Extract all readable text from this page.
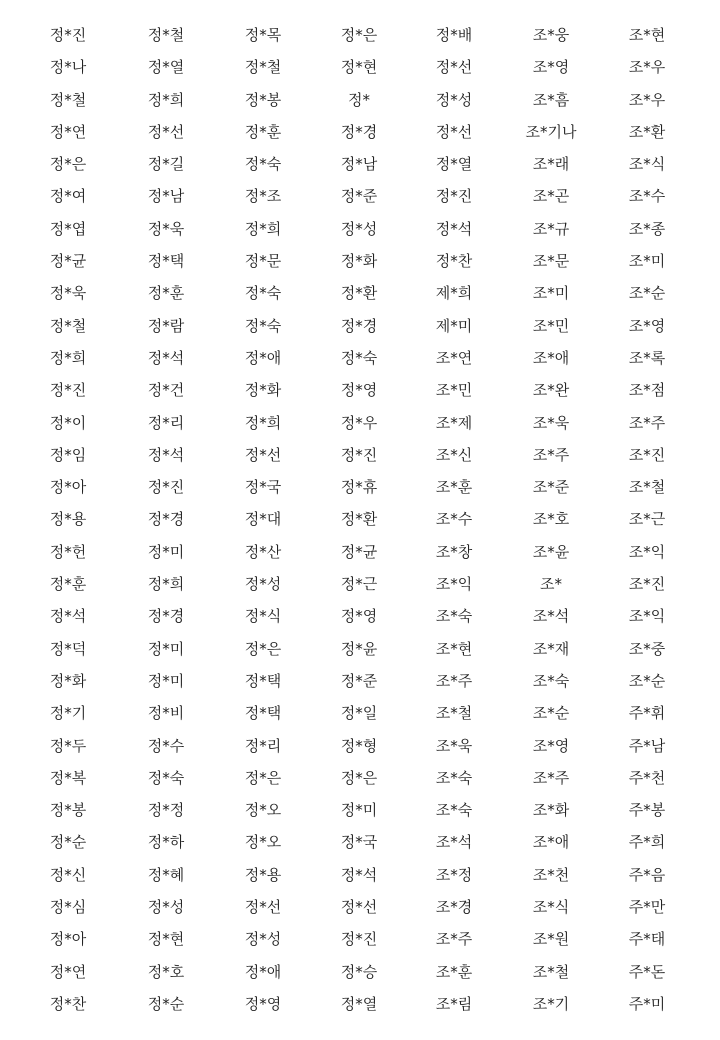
정*진
정*나
정*철
정*연
정*은
정*여
정*엽
정*균
정*욱
정*철
정*희
정*진
정*이
정*임
정*아
정*용
정*헌
정*훈
정*석
정*덕
정*화
정*기
정*두
정*복
정*봉
정*순
정*신
정*심
정*아
정*연
정*찬
정*철
정*열
정*희
정*선
정*길
정*남
정*욱
정*택
정*훈
정*람
정*석
정*건
정*리
정*석
정*진
정*경
정*미
정*희
정*경
정*미
정*미
정*비
정*수
정*숙
정*정
정*하
정*혜
정*성
정*현
정*호
정*순
정*목
정*철
정*봉
정*훈
정*숙
정*조
정*희
정*문
정*숙
정*숙
정*애
정*화
정*희
정*선
정*국
정*대
정*산
정*성
정*식
정*은
정*택
정*택
정*리
정*은
정*오
정*오
정*용
정*선
정*성
정*애
정*영
정*은
정*현
정*
정*경
정*남
정*준
정*성
정*화
정*환
정*경
정*숙
정*영
정*우
정*진
정*휴
정*환
정*균
정*근
정*영
정*윤
정*준
정*일
정*형
정*은
정*미
정*국
정*석
정*선
정*진
정*승
정*열
정*배
정*선
정*성
정*선
정*열
정*진
정*석
정*찬
제*희
제*미
조*연
조*민
조*제
조*신
조*훈
조*수
조*창
조*익
조*숙
조*현
조*주
조*철
조*욱
조*숙
조*숙
조*석
조*정
조*경
조*주
조*훈
조*림
조*웅
조*영
조*흠
조*기나
조*래
조*곤
조*규
조*문
조*미
조*민
조*애
조*완
조*욱
조*주
조*준
조*호
조*윤
조*
조*석
조*재
조*숙
조*순
조*영
조*주
조*화
조*애
조*천
조*식
조*원
조*철
조*기
조*현
조*우
조*우
조*환
조*식
조*수
조*종
조*미
조*순
조*영
조*록
조*점
조*주
조*진
조*철
조*근
조*익
조*진
조*익
조*중
조*순
주*휘
주*남
주*천
주*봉
주*희
주*음
주*만
주*태
주*돈
주*미
